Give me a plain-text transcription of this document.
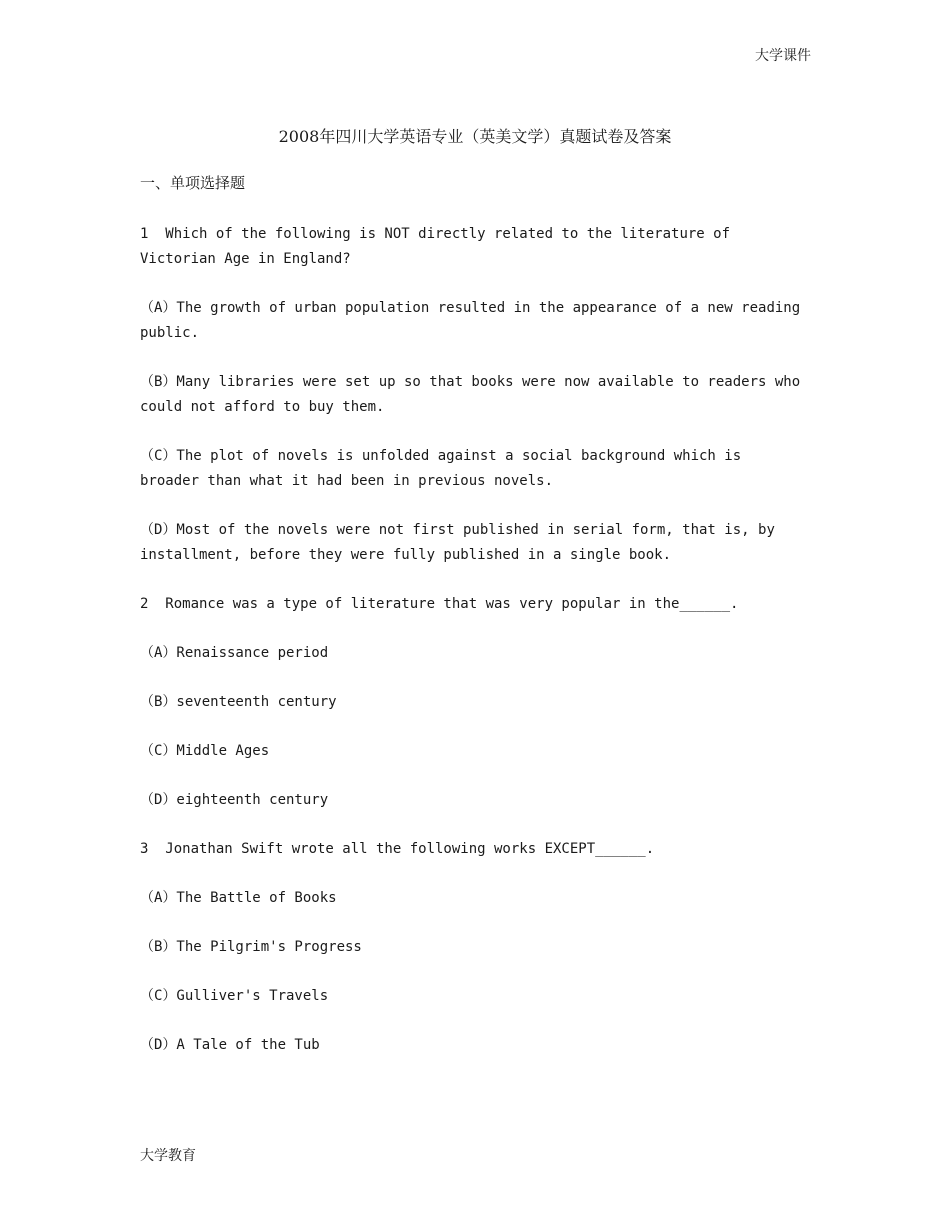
大学课件
2008年四川大学英语专业（英美文学）真题试卷及答案
一、单项选择题
1  Which of the following is NOT directly related to the literature of Victorian Age in England?
（A）The growth of urban population resulted in the appearance of a new reading public.
（B）Many libraries were set up so that books were now available to readers who could not afford to buy them.
（C）The plot of novels is unfolded against a social background which is broader than what it had been in previous novels.
（D）Most of the novels were not first published in serial form, that is, by installment, before they were fully published in a single book.
2  Romance was a type of literature that was very popular in the______.
（A）Renaissance period
（B）seventeenth century
（C）Middle Ages
（D）eighteenth century
3  Jonathan Swift wrote all the following works EXCEPT______.
（A）The Battle of Books
（B）The Pilgrim's Progress
（C）Gulliver's Travels
（D）A Tale of the Tub
大学教育
